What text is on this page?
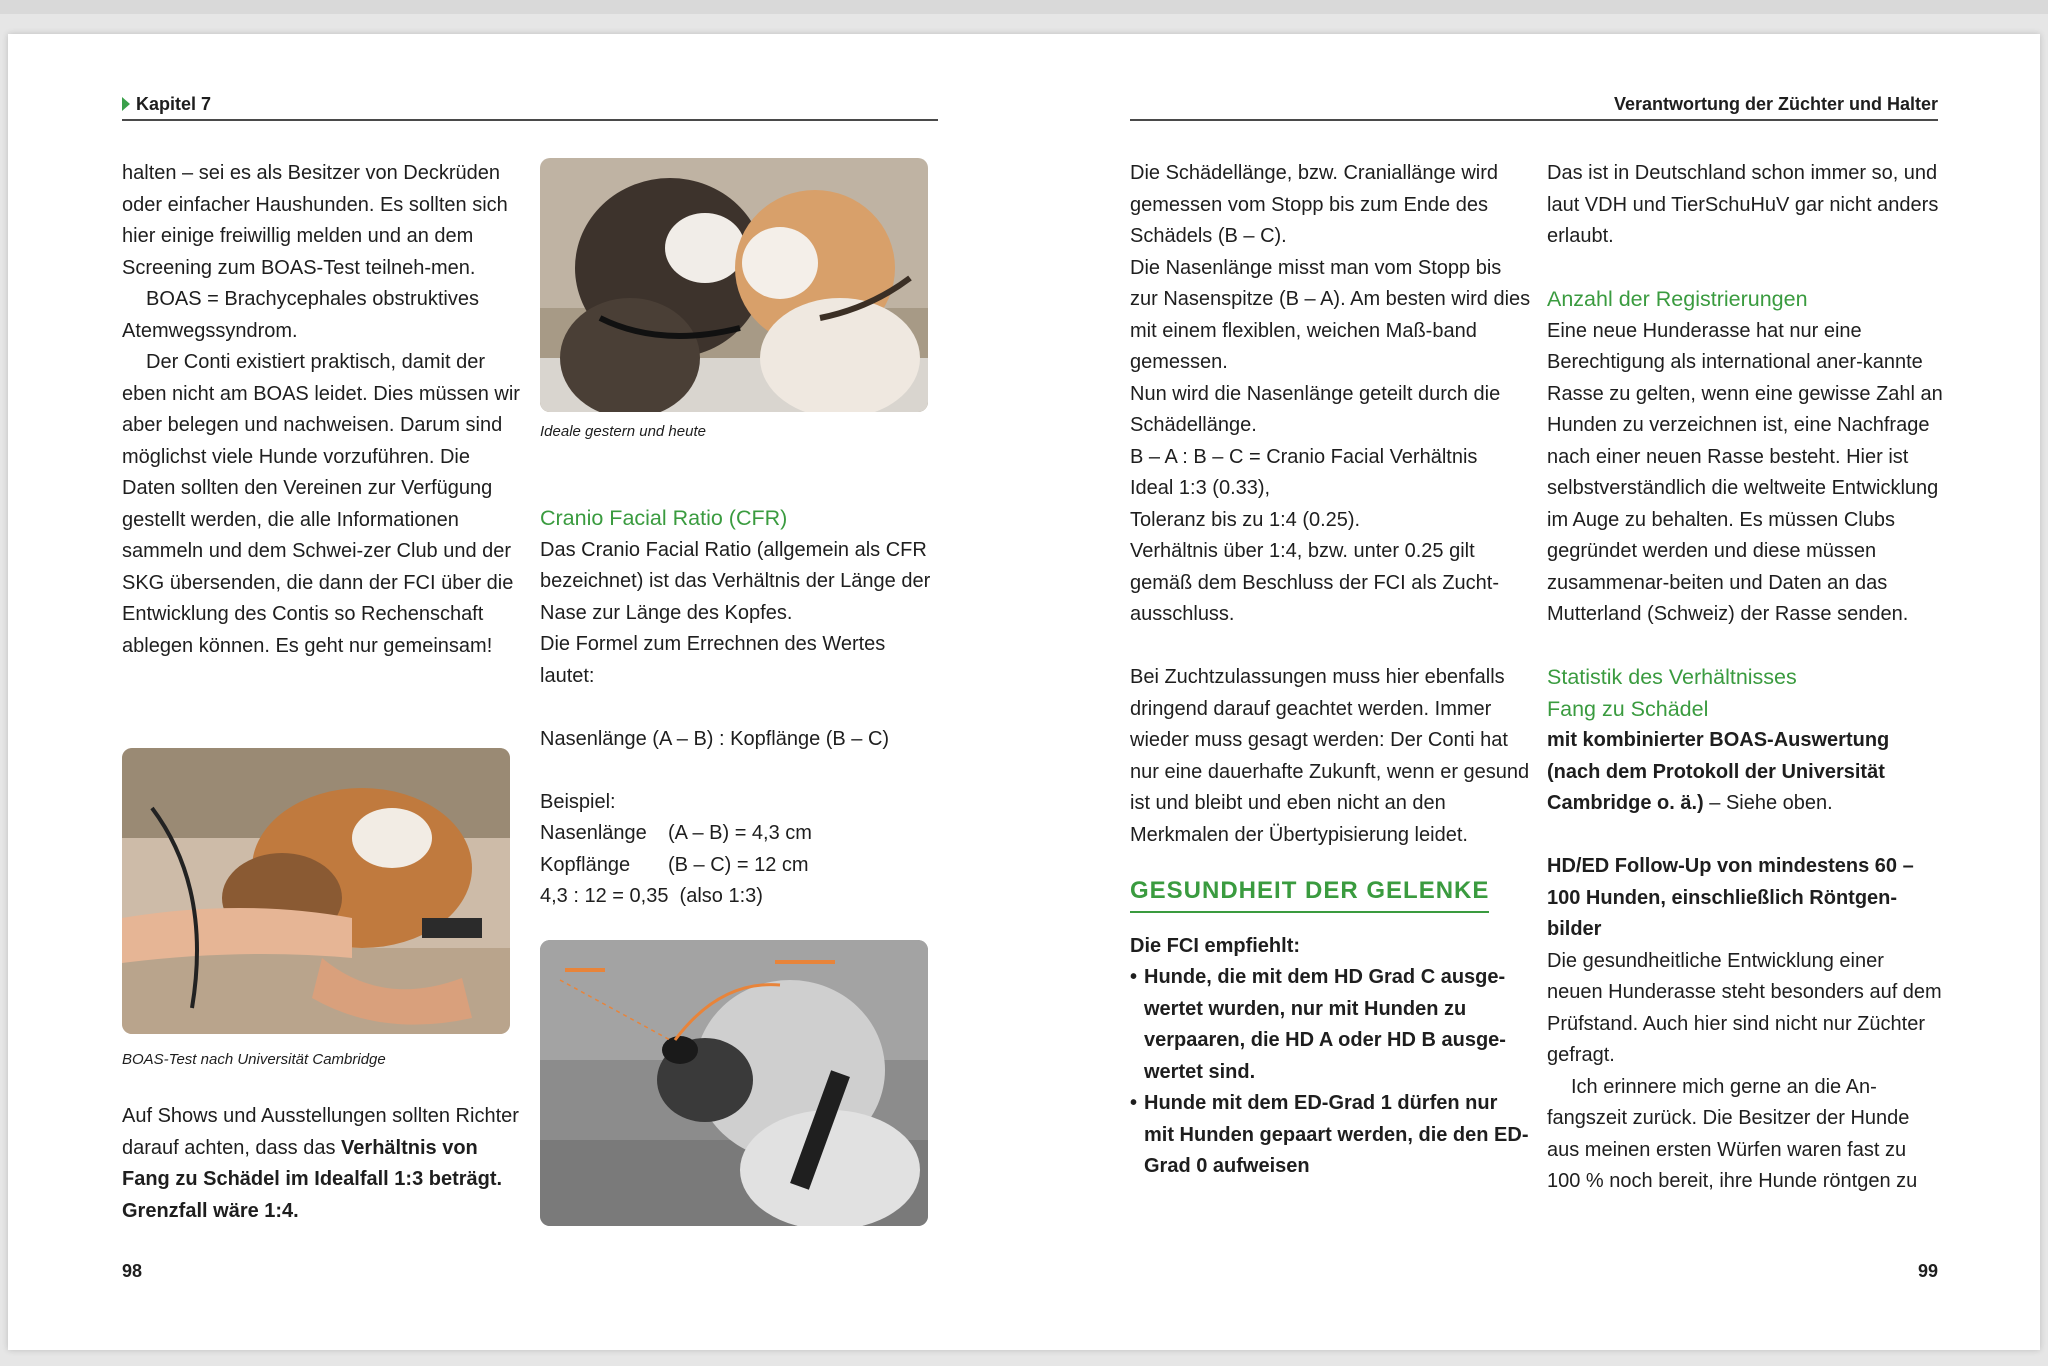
Kapitel 7

halten – sei es als Besitzer von Deckrüden oder einfacher Haushunden. Es sollten sich hier einige freiwillig melden und an dem Screening zum BOAS-Test teilneh-men.

BOAS = Brachycephales obstruktives Atemwegssyndrom.

Der Conti existiert praktisch, damit der eben nicht am BOAS leidet. Dies müssen wir aber belegen und nachweisen. Darum sind möglichst viele Hunde vorzuführen. Die Daten sollten den Vereinen zur Verfügung gestellt werden, die alle Informationen sammeln und dem Schwei-zer Club und der SKG übersenden, die dann der FCI über die Entwicklung des Contis so Rechenschaft ablegen können. Es geht nur gemeinsam!

BOAS-Test nach Universität Cambridge

Auf Shows und Ausstellungen sollten Richter darauf achten, dass das Verhältnis von Fang zu Schädel im Idealfall 1:3 beträgt. Grenzfall wäre 1:4.

Ideale gestern und heute

Cranio Facial Ratio (CFR)

Das Cranio Facial Ratio (allgemein als CFR bezeichnet) ist das Verhältnis der Länge der Nase zur Länge des Kopfes.

Die Formel zum Errechnen des Wertes lautet:

Nasenlänge (A – B) : Kopflänge (B – C)

Beispiel:

Nasenlänge (A – B) = 4,3 cm

Kopflänge (B – C) = 12 cm

4,3 : 12 = 0,35  (also 1:3)

98
Verantwortung der Züchter und Halter

Die Schädellänge, bzw. Craniallänge wird gemessen vom Stopp bis zum Ende des Schädels (B – C).

Die Nasenlänge misst man vom Stopp bis zur Nasenspitze (B – A). Am besten wird dies mit einem flexiblen, weichen Maß-band gemessen.

Nun wird die Nasenlänge geteilt durch die Schädellänge.

B – A : B – C = Cranio Facial Verhältnis

Ideal 1:3 (0.33),

Toleranz bis zu 1:4 (0.25).

Verhältnis über 1:4, bzw. unter 0.25 gilt gemäß dem Beschluss der FCI als Zucht-ausschluss.

Bei Zuchtzulassungen muss hier ebenfalls dringend darauf geachtet werden. Immer wieder muss gesagt werden: Der Conti hat nur eine dauerhafte Zukunft, wenn er gesund ist und bleibt und eben nicht an den Merkmalen der Übertypisierung leidet.

GESUNDHEIT DER GELENKE

Die FCI empfiehlt:

• Hunde, die mit dem HD Grad C ausge-wertet wurden, nur mit Hunden zu verpaaren, die HD A oder HD B ausge-wertet sind.
• Hunde mit dem ED-Grad 1 dürfen nur mit Hunden gepaart werden, die den ED-Grad 0 aufweisen

Das ist in Deutschland schon immer so, und laut VDH und TierSchuHuV gar nicht anders erlaubt.

Anzahl der Registrierungen

Eine neue Hunderasse hat nur eine Berechtigung als international aner-kannte Rasse zu gelten, wenn eine gewisse Zahl an Hunden zu verzeichnen ist, eine Nachfrage nach einer neuen Rasse besteht. Hier ist selbstverständlich die weltweite Entwicklung im Auge zu behalten. Es müssen Clubs gegründet werden und diese müssen zusammenar-beiten und Daten an das Mutterland (Schweiz) der Rasse senden.

Statistik des Verhältnisses Fang zu Schädel

mit kombinierter BOAS-Auswertung (nach dem Protokoll der Universität Cambridge o. ä.) – Siehe oben.

HD/ED Follow-Up von mindestens 60 – 100 Hunden, einschließlich Röntgen-bilder

Die gesundheitliche Entwicklung einer neuen Hunderasse steht besonders auf dem Prüfstand. Auch hier sind nicht nur Züchter gefragt.

Ich erinnere mich gerne an die An-fangszeit zurück. Die Besitzer der Hunde aus meinen ersten Würfen waren fast zu 100 % noch bereit, ihre Hunde röntgen zu

99
